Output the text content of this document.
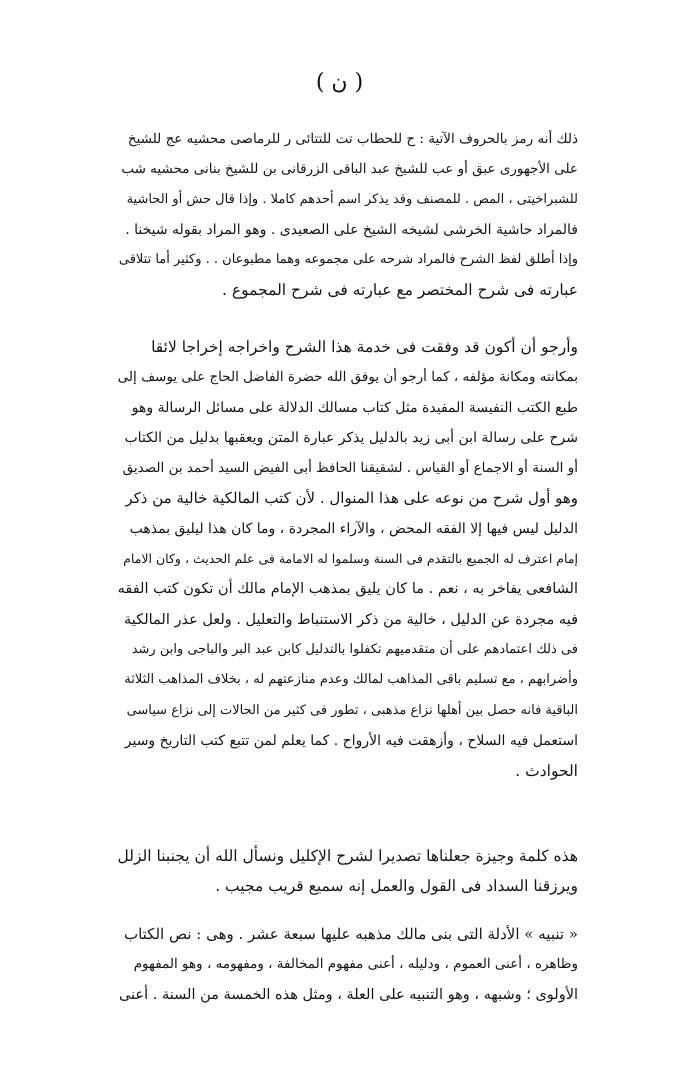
( ن )
ذلك أنه رمز بالحروف الآتية : ح للحطاب تت للتتائى ر للرماصى محشيه عج للشيخ
على الأجهورى عبق أو عب للشيخ عبد الباقى الزرقانى بن للشيخ بنانى محشيه شب
للشبراخيتى ، المص . للمصنف وقد يذكر اسم أحدهم كاملا . وإذا قال حش أو الحاشية
فالمراد حاشية الخرشى لشيخه الشيخ على الصعيدى . وهو المراد بقوله شيخنا .
وإذا أطلق لفظ الشرح فالمراد شرحه على مجموعه وهما مطبوعان . . وكثير أما تتلاقى
عبارته فى شرح المختصر مع عبارته فى شرح المجموع .
وأرجو أن أكون قد وفقت فى خدمة هذا الشرح واخراجه إخراجا لائقا
بمكانته ومكانة مؤلفه ، كما أرجو أن يوفق الله حضرة الفاضل الحاج على يوسف إلى
طبع الكتب النفيسة المفيدة مثل كتاب مسالك الدلالة على مسائل الرسالة وهو
شرح على رسالة ابن أبى زيد بالدليل يذكر عبارة المتن ويعقبها بدليل من الكتاب
أو السنة أو الاجماع أو القياس . لشقيقنا الحافظ أبى الفيض السيد أحمد بن الصديق
وهو أول شرح من نوعه على هذا المنوال . لأن كتب المالكية خالية من ذكر
الدليل ليس فيها إلا الفقه المحض ، والآراء المجردة ، وما كان هذا ليليق بمذهب
إمام اعترف له الجميع بالتقدم فى السنة وسلموا له الامامة فى علم الحديث ، وكان الامام
الشافعى يفاخر به ، نعم . ما كان يليق بمذهب الإمام مالك أن تكون كتب الفقه
فيه مجردة عن الدليل ، خالية من ذكر الاستنباط والتعليل . ولعل عذر المالكية
فى ذلك اعتمادهم على أن متقدميهم تكفلوا بالتدليل كابن عبد البر والباجى وابن رشد
وأضرابهم ، مع تسليم باقى المذاهب لمالك وعدم منازعتهم له ، بخلاف المذاهب الثلاثة
الباقية فانه حصل بين أهلها نزاع مذهبى ، تطور فى كثير من الحالات إلى نزاع سياسى
استعمل فيه السلاح ، وأزهقت فيه الأرواح . كما يعلم لمن تتبع كتب التاريخ وسير
الحوادث .
هذه كلمة وجيزة جعلناها تصديرا لشرح الإكليل ونسأل الله أن يجنبنا الزلل
ويرزقنا السداد فى القول والعمل إنه سميع قريب مجيب .
« تنبيه » الأدلة التى بنى مالك مذهبه عليها سبعة عشر . وهى : نص الكتاب
وظاهره ، أعنى العموم ، ودليله ، أعنى مفهوم المخالفة ، ومفهومه ، وهو المفهوم
الأولوى ؛ وشبهه ، وهو التنبيه على العلة ، ومثل هذه الخمسة من السنة . أعنى
